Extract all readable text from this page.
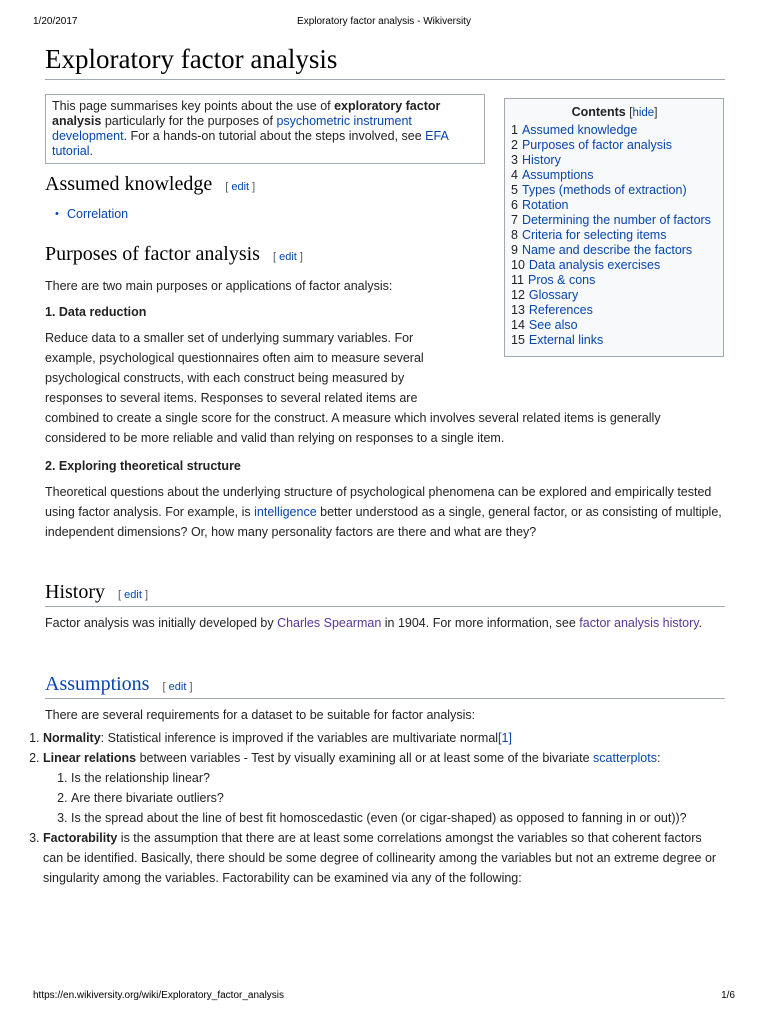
1/20/2017	Exploratory factor analysis - Wikiversity
Exploratory factor analysis
This page summarises key points about the use of exploratory factor analysis particularly for the purposes of psychometric instrument development. For a hands-on tutorial about the steps involved, see EFA tutorial.
Contents [hide]
1 Assumed knowledge
2 Purposes of factor analysis
3 History
4 Assumptions
5 Types (methods of extraction)
6 Rotation
7 Determining the number of factors
8 Criteria for selecting items
9 Name and describe the factors
10 Data analysis exercises
11 Pros & cons
12 Glossary
13 References
14 See also
15 External links
Assumed knowledge [ edit ]
• Correlation
Purposes of factor analysis [ edit ]

There are two main purposes or applications of factor analysis:

1. Data reduction

Reduce data to a smaller set of underlying summary variables. For example, psychological questionnaires often aim to measure several psychological constructs, with each construct being measured by responses to several items. Responses to several related items are combined to create a single score for the construct. A measure which involves several related items is generally considered to be more reliable and valid than relying on responses to a single item.

2. Exploring theoretical structure

Theoretical questions about the underlying structure of psychological phenomena can be explored and empirically tested using factor analysis. For example, is intelligence better understood as a single, general factor, or as consisting of multiple, independent dimensions? Or, how many personality factors are there and what are they?

History [ edit ]

Factor analysis was initially developed by Charles Spearman in 1904. For more information, see factor analysis history.

Assumptions [ edit ]

There are several requirements for a dataset to be suitable for factor analysis:

1. Normality: Statistical inference is improved if the variables are multivariate normal[1]
2. Linear relations between variables - Test by visually examining all or at least some of the bivariate scatterplots:
1. Is the relationship linear?
2. Are there bivariate outliers?
3. Is the spread about the line of best fit homoscedastic (even (or cigar-shaped) as opposed to fanning in or out))?
3. Factorability is the assumption that there are at least some correlations amongst the variables so that coherent factors can be identified. Basically, there should be some degree of collinearity among the variables but not an extreme degree or singularity among the variables. Factorability can be examined via any of the following:
https://en.wikiversity.org/wiki/Exploratory_factor_analysis	1/6
